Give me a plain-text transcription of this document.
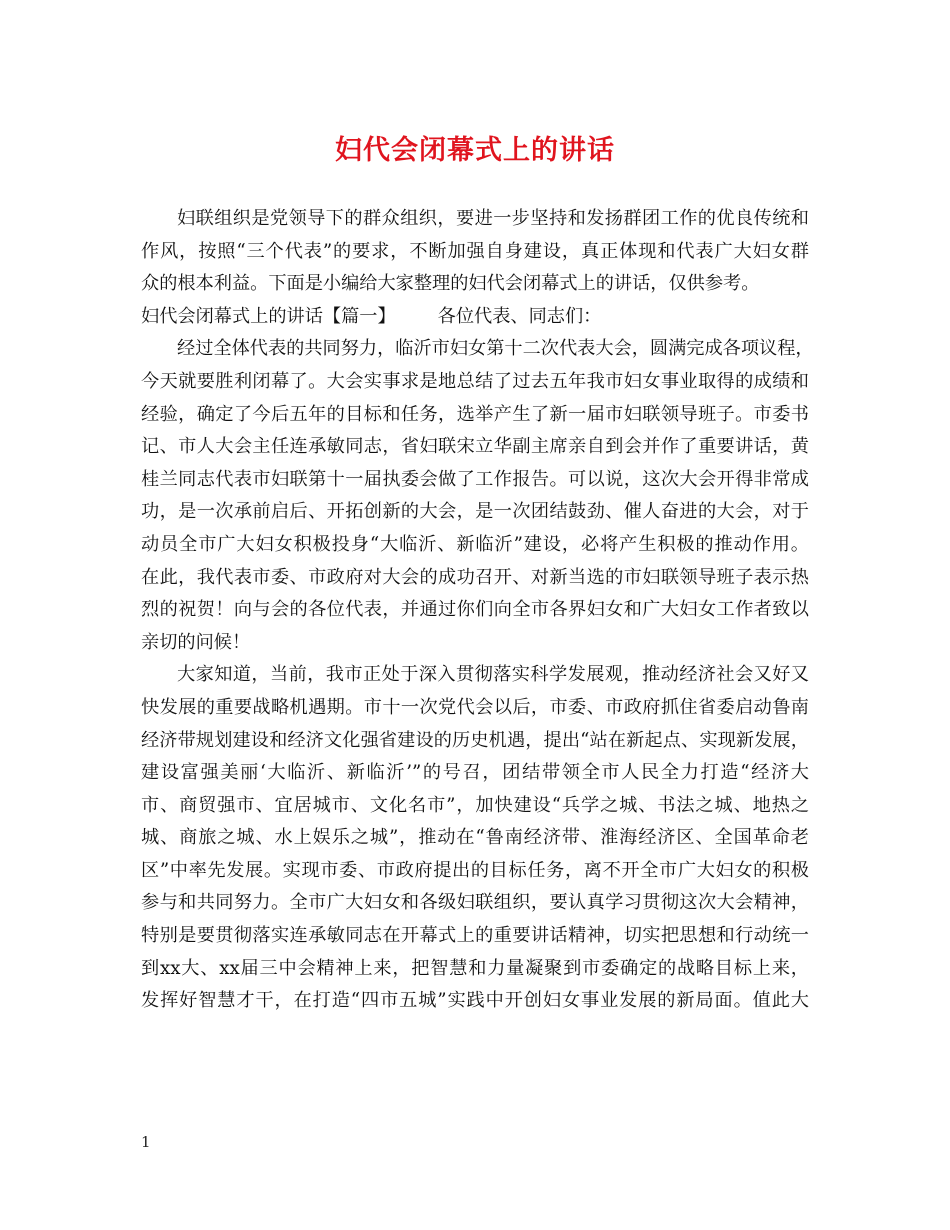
妇代会闭幕式上的讲话
妇联组织是党领导下的群众组织，要进一步坚持和发扬群团工作的优良传统和
作风，按照“三个代表”的要求，不断加强自身建设，真正体现和代表广大妇女群
众的根本利益。下面是小编给大家整理的妇代会闭幕式上的讲话，仅供参考。
妇代会闭幕式上的讲话【篇一】 各位代表、同志们：
经过全体代表的共同努力，临沂市妇女第十二次代表大会，圆满完成各项议程，
今天就要胜利闭幕了。大会实事求是地总结了过去五年我市妇女事业取得的成绩和
经验，确定了今后五年的目标和任务，选举产生了新一届市妇联领导班子。市委书
记、市人大会主任连承敏同志，省妇联宋立华副主席亲自到会并作了重要讲话，黄
桂兰同志代表市妇联第十一届执委会做了工作报告。可以说，这次大会开得非常成
功，是一次承前启后、开拓创新的大会，是一次团结鼓劲、催人奋进的大会，对于
动员全市广大妇女积极投身“大临沂、新临沂”建设，必将产生积极的推动作用。
在此，我代表市委、市政府对大会的成功召开、对新当选的市妇联领导班子表示热
烈的祝贺！向与会的各位代表，并通过你们向全市各界妇女和广大妇女工作者致以
亲切的问候！
大家知道，当前，我市正处于深入贯彻落实科学发展观，推动经济社会又好又
快发展的重要战略机遇期。市十一次党代会以后，市委、市政府抓住省委启动鲁南
经济带规划建设和经济文化强省建设的历史机遇，提出“站在新起点、实现新发展，
建设富强美丽‘大临沂、新临沂’”的号召，团结带领全市人民全力打造“经济大
市、商贸强市、宜居城市、文化名市”，加快建设“兵学之城、书法之城、地热之
城、商旅之城、水上娱乐之城”，推动在“鲁南经济带、淮海经济区、全国革命老
区”中率先发展。实现市委、市政府提出的目标任务，离不开全市广大妇女的积极
参与和共同努力。全市广大妇女和各级妇联组织，要认真学习贯彻这次大会精神，
特别是要贯彻落实连承敏同志在开幕式上的重要讲话精神，切实把思想和行动统一
到xx大、xx届三中会精神上来，把智慧和力量凝聚到市委确定的战略目标上来，
发挥好智慧才干，在打造“四市五城”实践中开创妇女事业发展的新局面。值此大
1
